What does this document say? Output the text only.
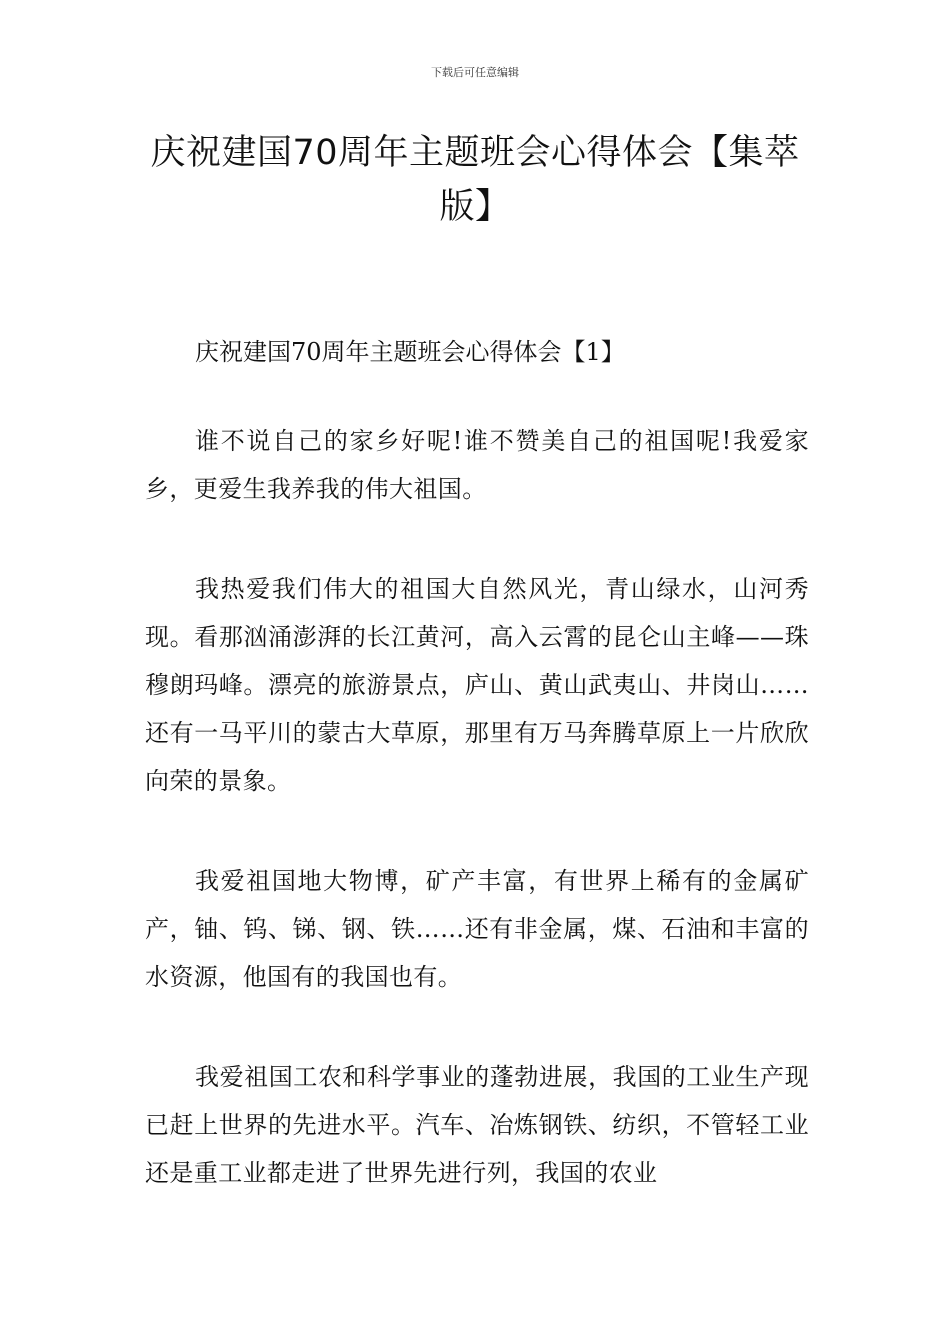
下载后可任意编辑
庆祝建国70周年主题班会心得体会【集萃版】

庆祝建国70周年主题班会心得体会【1】

谁不说自己的家乡好呢!谁不赞美自己的祖国呢!我爱家乡，更爱生我养我的伟大祖国。

我热爱我们伟大的祖国大自然风光，青山绿水，山河秀现。看那汹涌澎湃的长江黄河，高入云霄的昆仑山主峰——珠穆朗玛峰。漂亮的旅游景点，庐山、黄山武夷山、井岗山……还有一马平川的蒙古大草原，那里有万马奔腾草原上一片欣欣向荣的景象。

我爱祖国地大物博，矿产丰富，有世界上稀有的金属矿产，铀、钨、锑、钢、铁……还有非金属，煤、石油和丰富的水资源，他国有的我国也有。

我爱祖国工农和科学事业的蓬勃进展，我国的工业生产现已赶上世界的先进水平。汽车、冶炼钢铁、纺织，不管轻工业还是重工业都走进了世界先进行列，我国的农业
